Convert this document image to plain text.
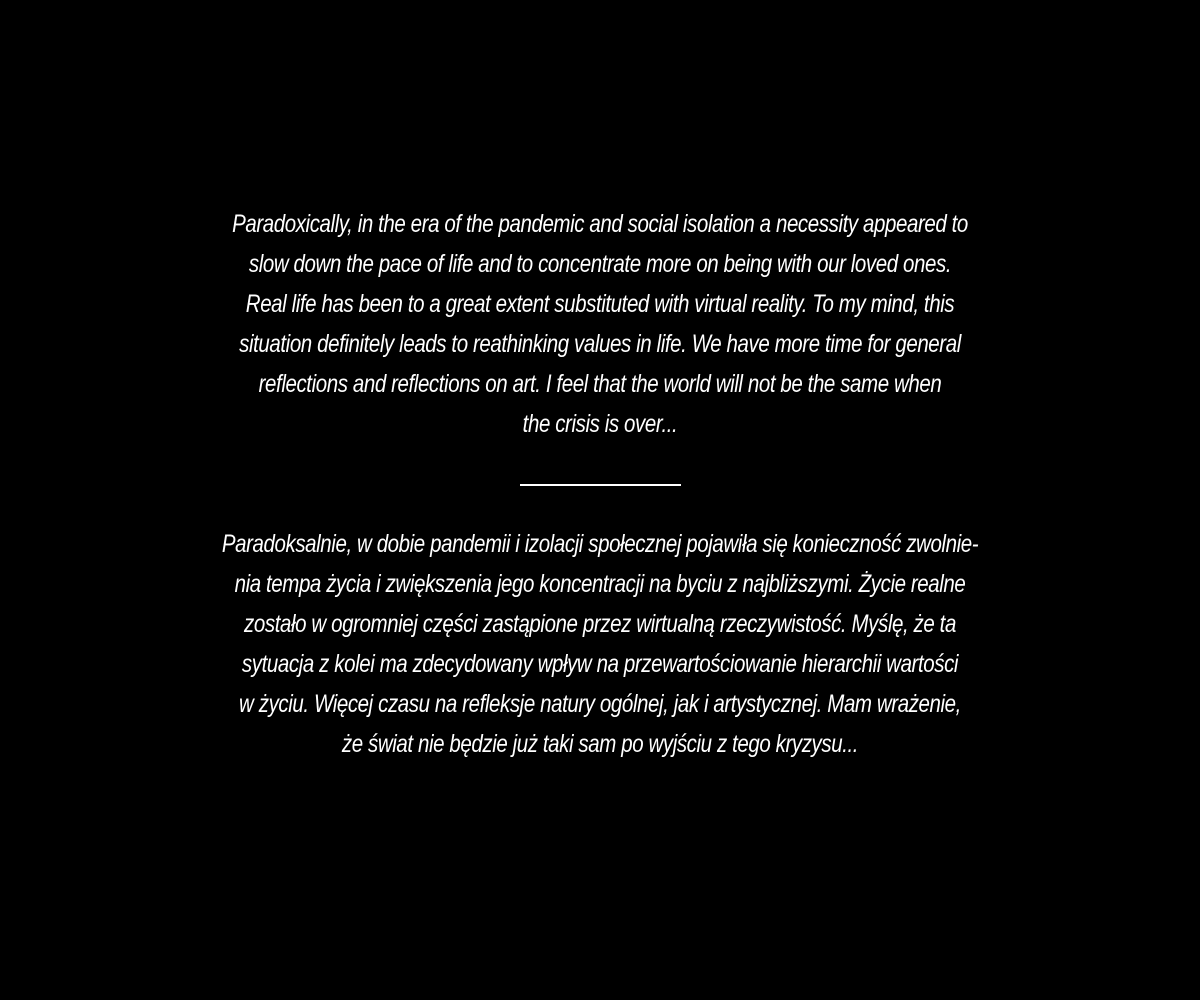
Paradoxically, in the era of the pandemic and social isolation a necessity appeared to
slow down the pace of life and to concentrate more on being with our loved ones.
Real life has been to a great extent substituted with virtual reality. To my mind, this
situation definitely leads to reathinking values in life. We have more time for general
reflections and reflections on art. I feel that the world will not be the same when
the crisis is over...
Paradoksalnie, w dobie pandemii i izolacji społecznej pojawiła się konieczność zwolnie-
nia tempa życia i zwiększenia jego koncentracji na byciu z najbliższymi. Życie realne
zostało w ogromniej części zastąpione przez wirtualną rzeczywistość. Myślę, że ta
sytuacja z kolei ma zdecydowany wpływ na przewartościowanie hierarchii wartości
w życiu. Więcej czasu na refleksje natury ogólnej, jak i artystycznej. Mam wrażenie,
że świat nie będzie już taki sam po wyjściu z tego kryzysu...
